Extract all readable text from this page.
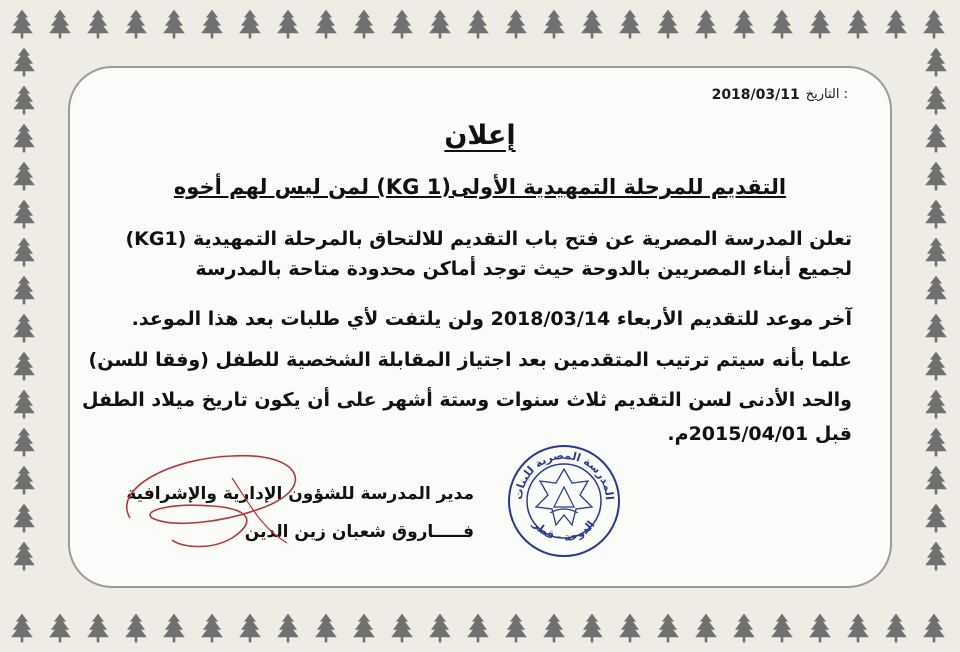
2018/03/11 التاريخ :
إعلان
التقديم للمرحلة التمهيدية الأولى(KG 1) لمن ليس لهم أخوه
تعلن المدرسة المصرية عن فتح باب التقديم للالتحاق بالمرحلة التمهيدية (KG1)
لجميع أبناء المصريين بالدوحة حيث توجد أماكن محدودة متاحة بالمدرسة
آخر موعد للتقديم الأربعاء 2018/03/14 ولن يلتفت لأي طلبات بعد هذا الموعد.
علما بأنه سيتم ترتيب المتقدمين بعد اجتياز المقابلة الشخصية للطفل (وفقا للسن)
والحد الأدنى لسن التقديم ثلاث سنوات وستة أشهر على أن يكون تاريخ ميلاد الطفل
قبل 2015/04/01م.
مدير المدرسة للشؤون الإدارية والإشرافية
فـــــاروق شعبان زين الدين
المدرسة المصرية للبنات
الدوحة - قطر
